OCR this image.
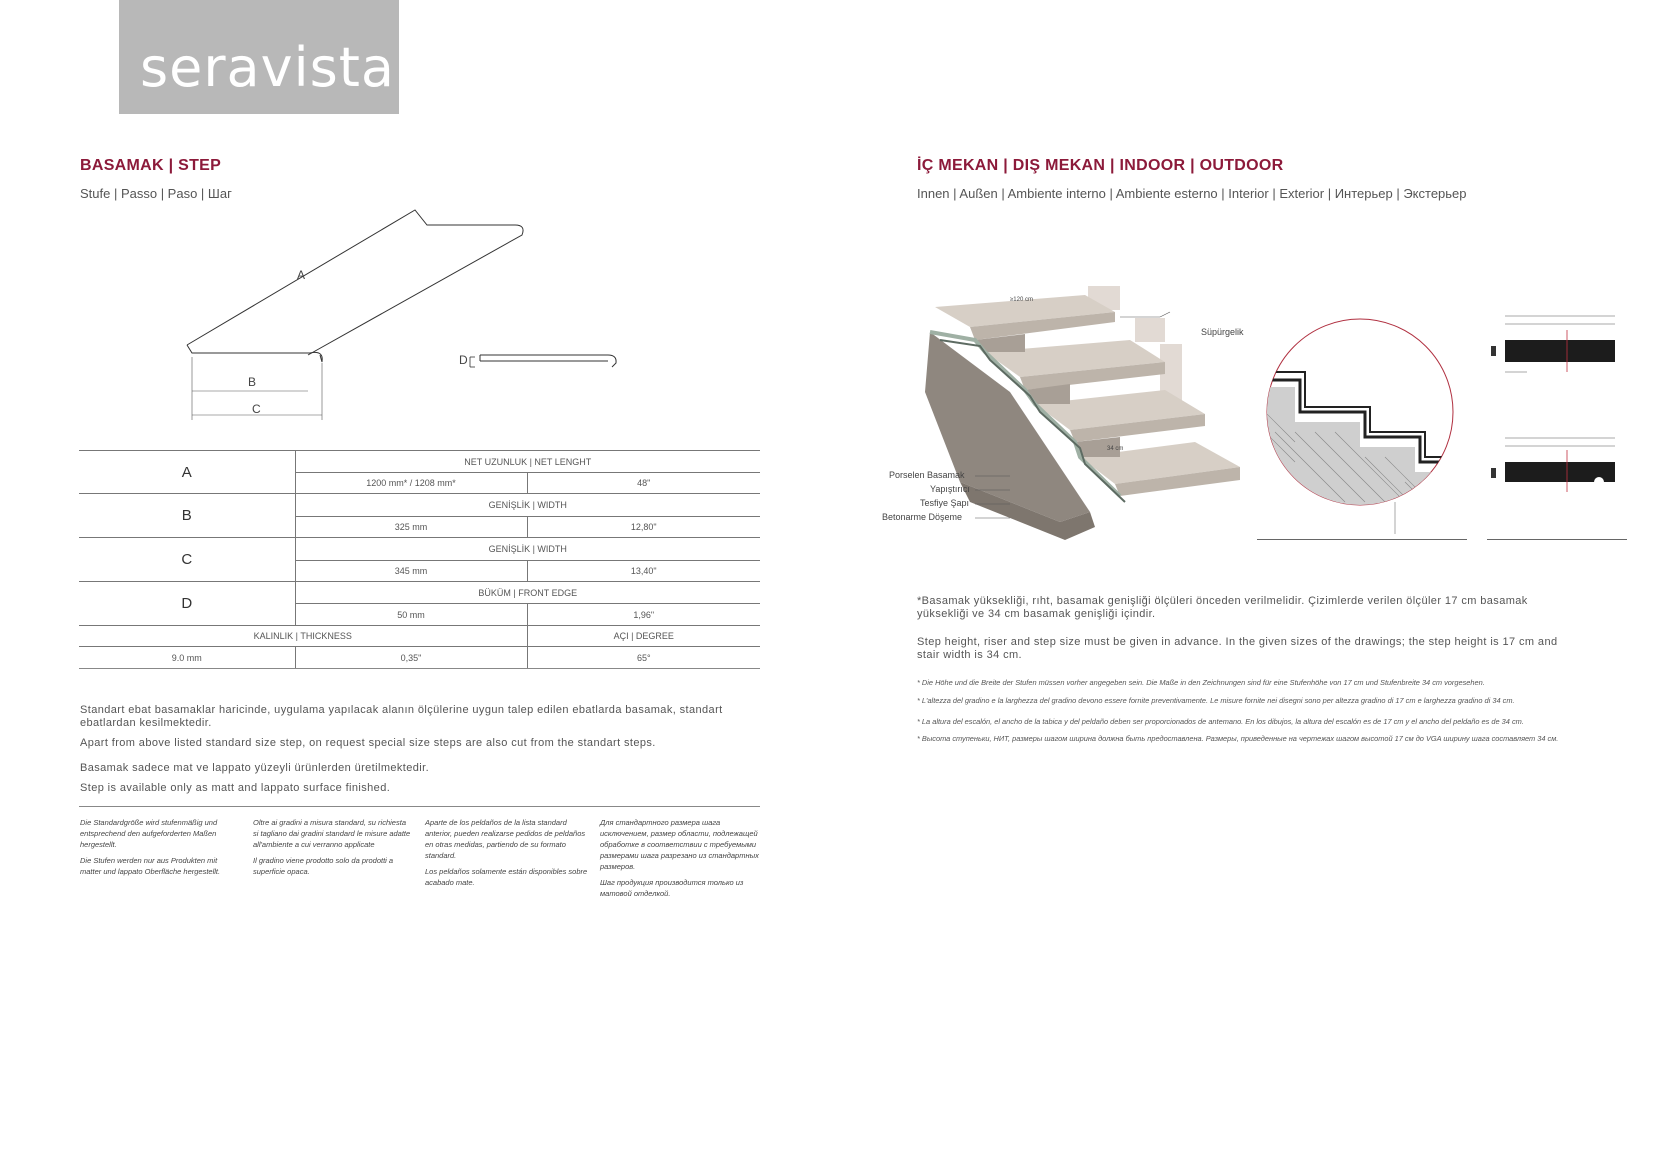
seravista
BASAMAK | STEP
Stufe | Passo | Paso | Шаг
A
B
C
D
A	NET UZUNLUK | NET LENGHT	
	1200 mm* / 1208 mm*	48"
B	GENİŞLİK | WIDTH	
	325 mm	12,80"
C	GENİŞLİK | WIDTH	
	345 mm	13,40"
D	BÜKÜM | FRONT EDGE	
	50 mm	1,96"
KALINLIK | THICKNESS		AÇI | DEGREE
9.0 mm	0,35"	65°
Standart ebat basamaklar haricinde, uygulama yapılacak alanın ölçülerine uygun talep edilen ebatlarda basamak, standart ebatlardan kesilmektedir.
Apart from above listed standard size step, on request special size steps are also cut from the standart steps.
Basamak sadece mat ve lappato yüzeyli ürünlerden üretilmektedir.
Step is available only as matt and lappato surface finished.
Die Standardgröße wird stufenmäßig und entsprechend den aufgeforderten Maßen hergestellt.
Die Stufen werden nur aus Produkten mit matter und lappato Oberfläche hergestellt.
Oltre ai gradini a misura standard, su richiesta si tagliano dai gradini standard le misure adatte all'ambiente a cui verranno applicate
Il gradino viene prodotto solo da prodotti a superficie opaca.
Aparte de los peldaños de la lista standard anterior, pueden realizarse pedidos de peldaños en otras medidas, partiendo de su formato standard.
Los peldaños solamente están disponibles sobre acabado mate.
Для стандартного размера шага исключением, размер области, подлежащей обработке в соответствии с требуемыми размерами шага разрезано из стандартных размеров.
Шаг продукция производится только из матовой отделкой.
İÇ MEKAN | DIŞ MEKAN | INDOOR | OUTDOOR
Innen | Außen | Ambiente interno | Ambiente esterno | Interior | Exterior | Интерьер | Экстерьер
Süpürgelik
≥120 cm
34 cm
Porselen Basamak
Yapıştırıcı
Tesfiye Şapı
Betonarme Döşeme
*Basamak yüksekliği, rıht, basamak genişliği ölçüleri önceden verilmelidir. Çizimlerde verilen ölçüler 17 cm basamak yüksekliği ve 34 cm basamak genişliği içindir.
Step height, riser and step size must be given in advance. In the given sizes of the drawings; the step height is 17 cm and stair width is 34 cm.
* Die Höhe und die Breite der Stufen müssen vorher angegeben sein. Die Maße in den Zeichnungen sind für eine Stufenhöhe von 17 cm und Stufenbreite 34 cm vorgesehen.
* L'altezza del gradino e la larghezza del gradino devono essere fornite preventivamente. Le misure fornite nei disegni sono per altezza gradino di 17 cm e larghezza gradino di 34 cm.
* La altura del escalón, el ancho de la tabica y del peldaño deben ser proporcionados de antemano. En los dibujos, la altura del escalón es de 17 cm y el ancho del peldaño es de 34 cm.
* Высота ступеньки, НИТ, размеры шагом ширина должна быть предоставлена. Размеры, приведенные на чертежах шагом высотой 17 см до VGA ширину шага составляет 34 см.
